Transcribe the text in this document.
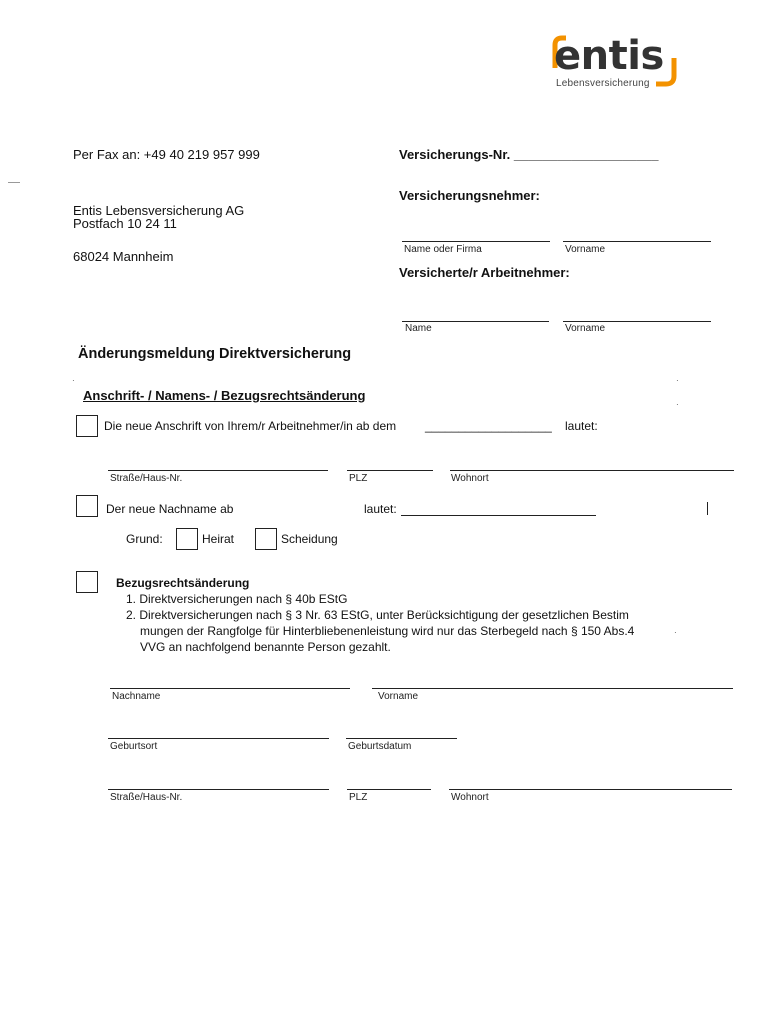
entis
Lebensversicherung
Per Fax an: +49 40 219 957 999	Versicherungs-Nr. ____________________
Entis Lebensversicherung AG
Postfach 10 24 11
68024 Mannheim
Versicherungsnehmer:
Name oder Firma	Vorname
Versicherte/r Arbeitnehmer:
Name	Vorname
Änderungsmeldung Direktversicherung
·	·
·
Anschrift- / Namens- / Bezugsrechtsänderung
Die neue Anschrift von Ihrem/r Arbeitnehmer/in ab dem ___________________ lautet:
Straße/Haus-Nr.	PLZ	Wohnort
Der neue Nachname ab	lautet:
Grund:	Heirat	Scheidung
Bezugsrechtsänderung
1. Direktversicherungen nach § 40b EStG
2. Direktversicherungen nach § 3 Nr. 63 EStG, unter Berücksichtigung der gesetzlichen Bestim
mungen der Rangfolge für Hinterbliebenenleistung wird nur das Sterbegeld nach § 150 Abs.4	·
VVG an nachfolgend benannte Person gezahlt.
Nachname	Vorname
Geburtsort	Geburtsdatum
Straße/Haus-Nr.	PLZ	Wohnort
